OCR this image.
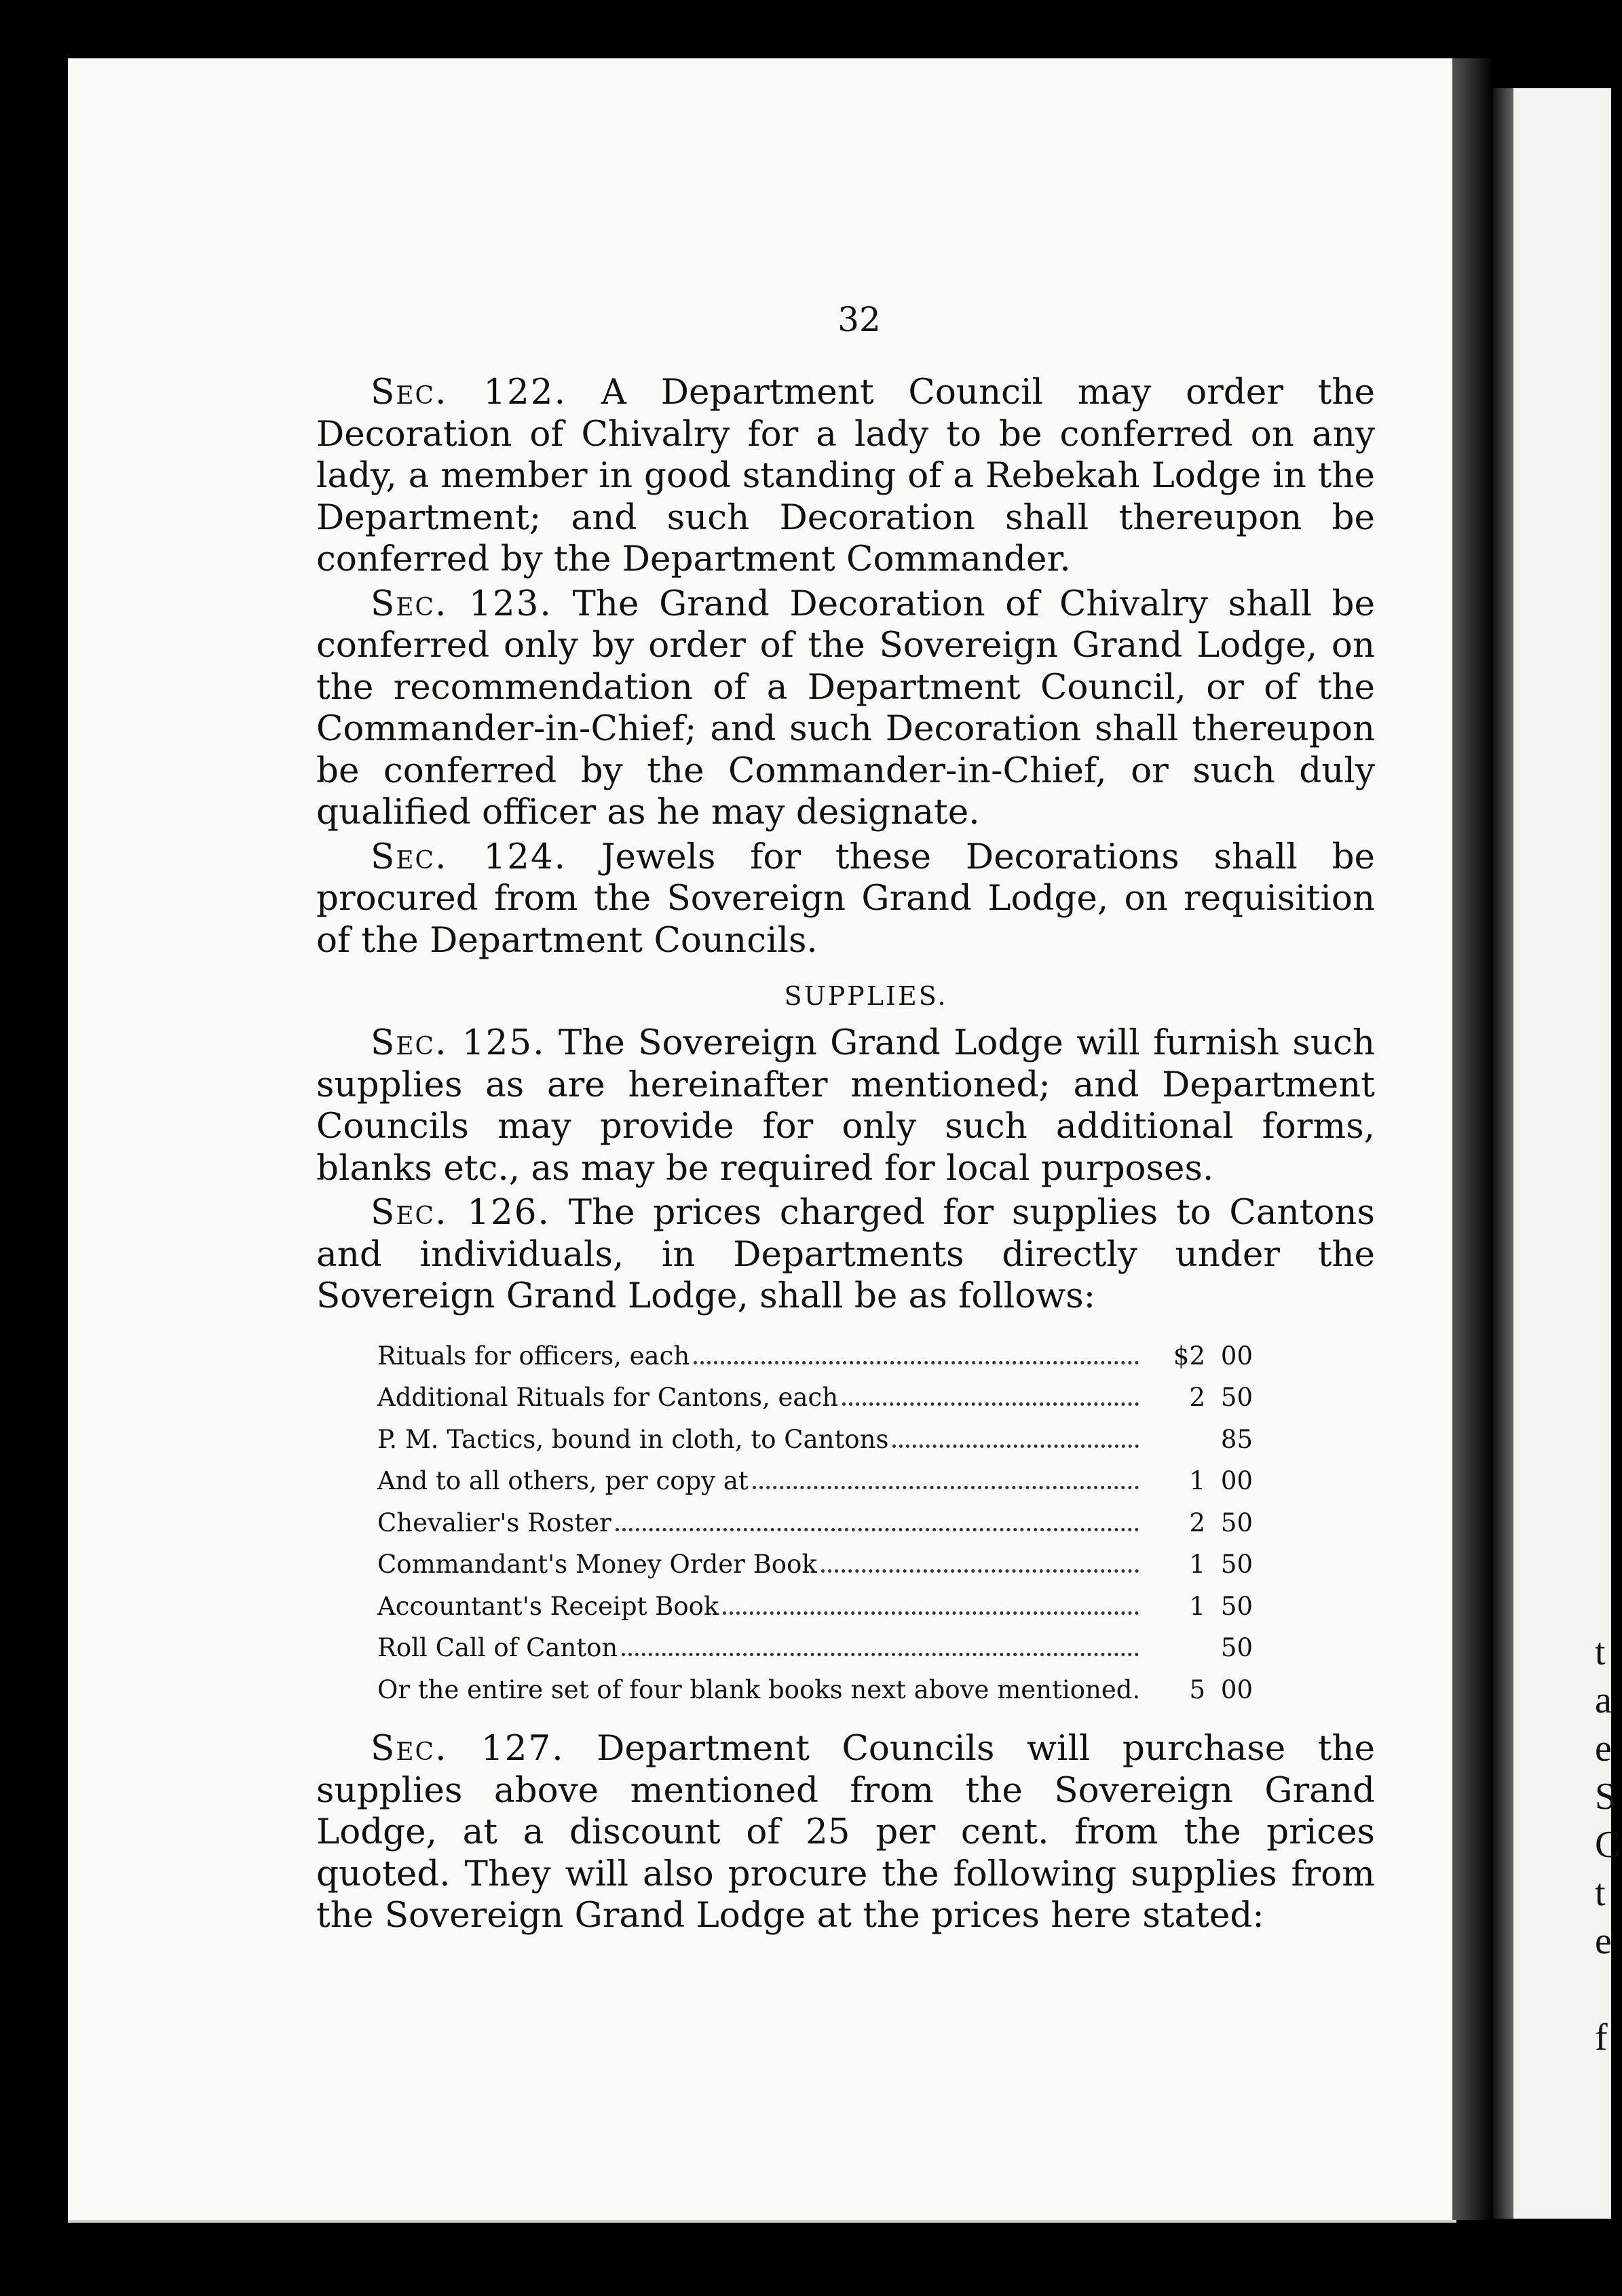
32

Sec. 122. A Department Council may order the Decoration of Chivalry for a lady to be conferred on any lady, a member in good standing of a Rebekah Lodge in the Department; and such Decoration shall thereupon be conferred by the Department Commander.

Sec. 123. The Grand Decoration of Chivalry shall be conferred only by order of the Sovereign Grand Lodge, on the recommendation of a Department Council, or of the Commander-in-Chief; and such Decoration shall thereupon be conferred by the Commander-in-Chief, or such duly qualified officer as he may designate.

Sec. 124. Jewels for these Decorations shall be procured from the Sovereign Grand Lodge, on requisition of the Department Councils.

SUPPLIES.

Sec. 125. The Sovereign Grand Lodge will furnish such supplies as are hereinafter mentioned; and Department Councils may provide for only such additional forms, blanks etc., as may be required for local purposes.

Sec. 126. The prices charged for supplies to Cantons and individuals, in Departments directly under the Sovereign Grand Lodge, shall be as follows:

Rituals for officers, each	$2 00

Additional Rituals for Cantons, each	2 50

P. M. Tactics, bound in cloth, to Cantons	85

And to all others, per copy at	1 00

Chevalier's Roster	2 50

Commandant's Money Order Book	1 50

Accountant's Receipt Book	1 50

Roll Call of Canton	50

Or the entire set of four blank books next above mentioned .	5 00

Sec. 127. Department Councils will purchase the supplies above mentioned from the Sovereign Grand Lodge, at a discount of 25 per cent. from the prices quoted. They will also procure the following supplies from the Sovereign Grand Lodge at the prices here stated:

t
a
e
S
C
t
e

f
